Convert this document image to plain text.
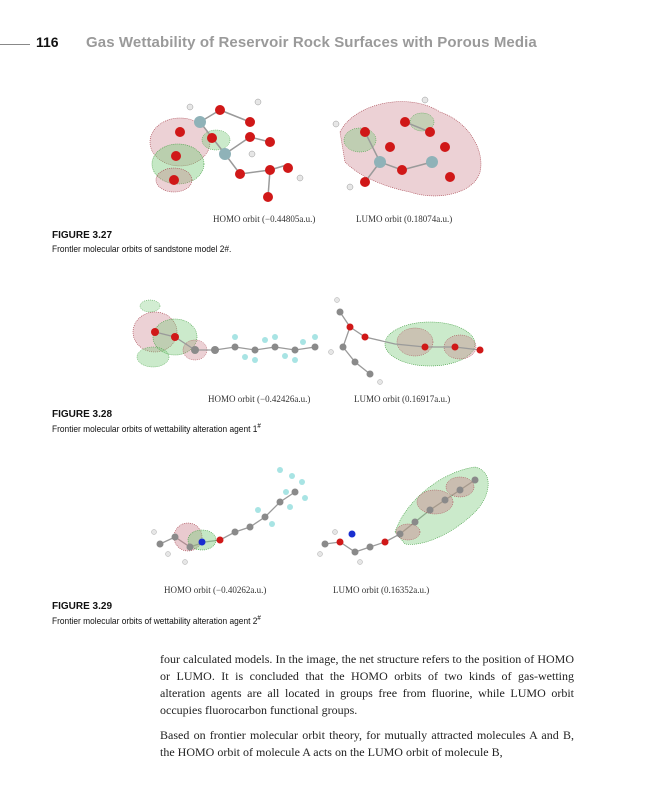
116 Gas Wettability of Reservoir Rock Surfaces with Porous Media
HOMO orbit (−0.44805a.u.)	LUMO orbit (0.18074a.u.)
FIGURE 3.27
Frontler molecular orbits of sandstone model 2#.
HOMO orbit (−0.42426a.u.)	LUMO orbit (0.16917a.u.)
FIGURE 3.28
Frontier molecular orbits of wettability alteration agent 1#
HOMO orbit (−0.40262a.u.)	LUMO orbit (0.16352a.u.)
FIGURE 3.29
Frontier molecular orbits of wettability alteration agent 2#

four calculated models. In the image, the net structure refers to the position of HOMO or LUMO. It is concluded that the HOMO orbits of two kinds of gas-wetting alteration agents are all located in groups free from fluorine, while LUMO orbit occupies fluorocarbon functional groups.

Based on frontier molecular orbit theory, for mutually attracted molecules A and B, the HOMO orbit of molecule A acts on the LUMO orbit of molecule B,
